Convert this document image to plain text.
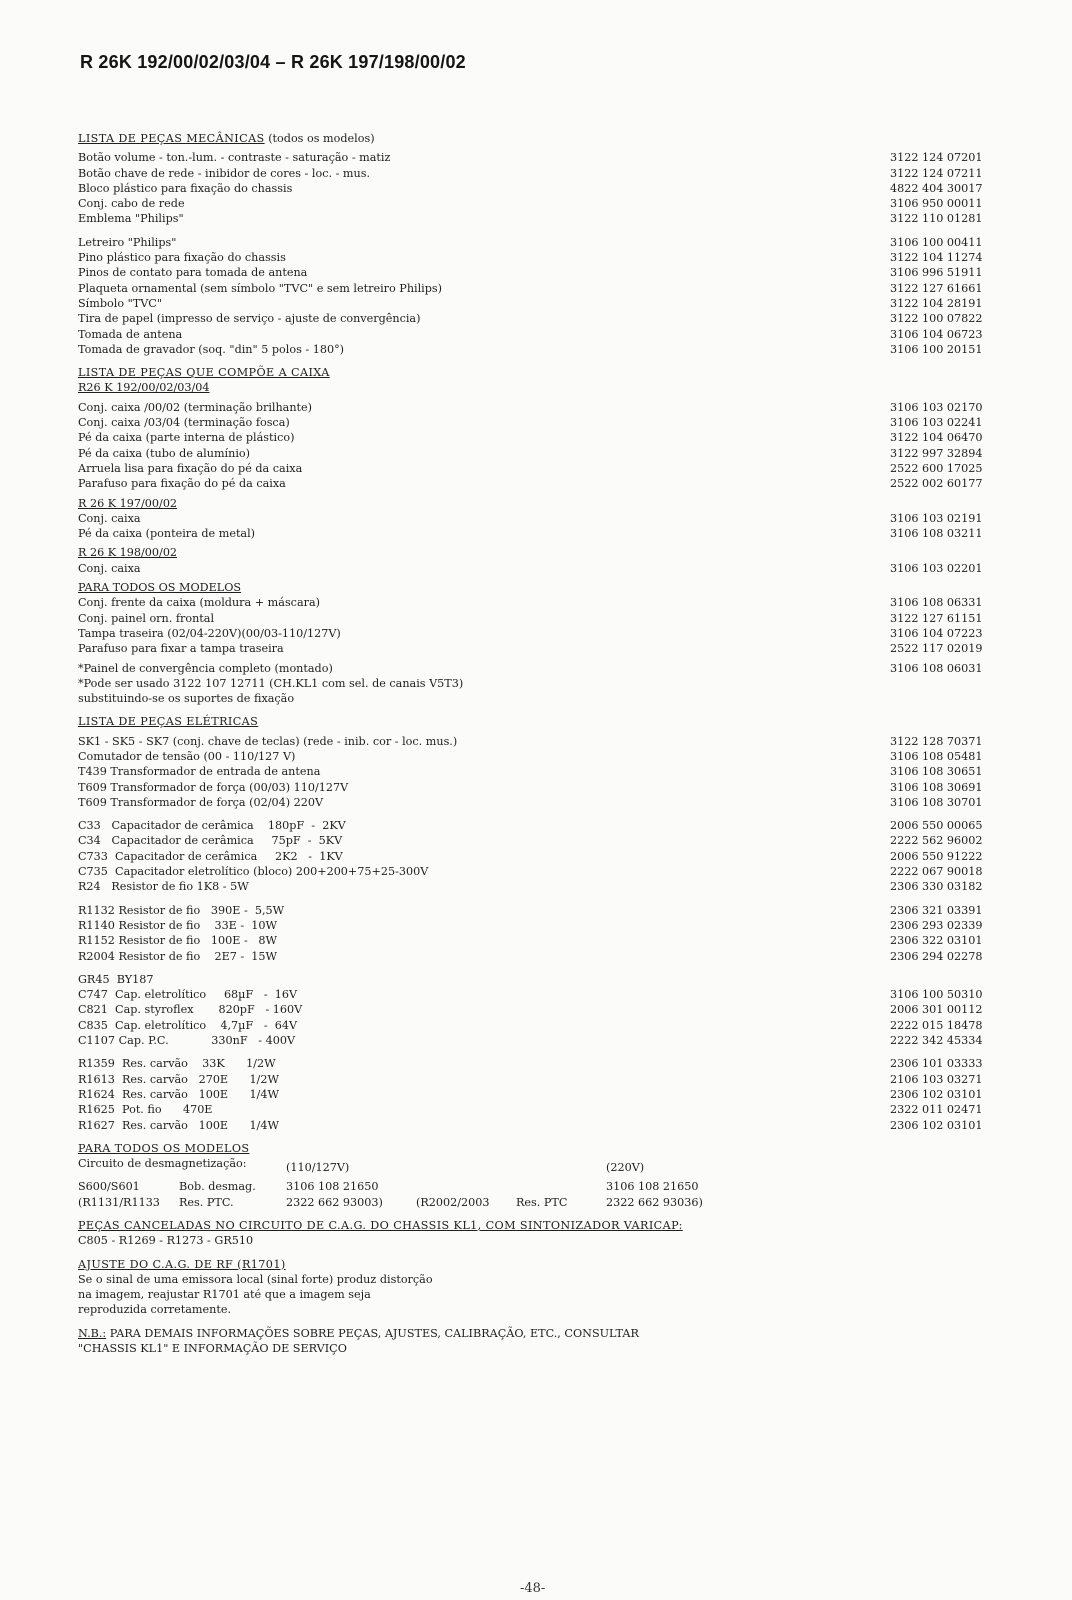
R 26K 192/00/02/03/04 – R 26K 197/198/00/02
LISTA DE PEÇAS MECÂNICAS (todos os modelos)
Botão volume - ton.-lum. - contraste - saturação - matiz	3122 124 07201
Botão chave de rede - inibidor de cores - loc. - mus.	3122 124 07211
Bloco plástico para fixação do chassis	4822 404 30017
Conj. cabo de rede	3106 950 00011
Emblema "Philips"	3122 110 01281
Letreiro "Philips"	3106 100 00411
Pino plástico para fixação do chassis	3122 104 11274
Pinos de contato para tomada de antena	3106 996 51911
Plaqueta ornamental (sem símbolo "TVC" e sem letreiro Philips)	3122 127 61661
Símbolo "TVC"	3122 104 28191
Tira de papel (impresso de serviço - ajuste de convergência)	3122 100 07822
Tomada de antena	3106 104 06723
Tomada de gravador (soq. "din" 5 polos - 180°)	3106 100 20151
LISTA DE PEÇAS QUE COMPÕE A CAIXA
R26 K 192/00/02/03/04
Conj. caixa /00/02 (terminação brilhante)	3106 103 02170
Conj. caixa /03/04 (terminação fosca)	3106 103 02241
Pé da caixa (parte interna de plástico)	3122 104 06470
Pé da caixa (tubo de alumínio)	3122 997 32894
Arruela lisa para fixação do pé da caixa	2522 600 17025
Parafuso para fixação do pé da caixa	2522 002 60177
R 26 K 197/00/02
Conj. caixa	3106 103 02191
Pé da caixa (ponteira de metal)	3106 108 03211
R 26 K 198/00/02
Conj. caixa	3106 103 02201
PARA TODOS OS MODELOS
Conj. frente da caixa (moldura + máscara)	3106 108 06331
Conj. painel orn. frontal	3122 127 61151
Tampa traseira (02/04-220V)(00/03-110/127V)	3106 104 07223
Parafuso para fixar a tampa traseira	2522 117 02019
*Painel de convergência completo (montado)	3106 108 06031
*Pode ser usado 3122 107 12711 (CH.KL1 com sel. de canais V5T3)
substituindo-se os suportes de fixação
LISTA DE PEÇAS ELÉTRICAS
SK1 - SK5 - SK7 (conj. chave de teclas) (rede - inib. cor - loc. mus.)	3122 128 70371
Comutador de tensão (00 - 110/127 V)	3106 108 05481
T439 Transformador de entrada de antena	3106 108 30651
T609 Transformador de força (00/03) 110/127V	3106 108 30691
T609 Transformador de força (02/04) 220V	3106 108 30701
C33   Capacitador de cerâmica    180pF  -  2KV	2006 550 00065
C34   Capacitador de cerâmica     75pF  -  5KV	2222 562 96002
C733  Capacitador de cerâmica     2K2   -  1KV	2006 550 91222
C735  Capacitador eletrolítico (bloco) 200+200+75+25-300V	2222 067 90018
R24   Resistor de fio 1K8 - 5W	2306 330 03182
R1132 Resistor de fio   390E -  5,5W	2306 321 03391
R1140 Resistor de fio    33E -  10W	2306 293 02339
R1152 Resistor de fio   100E -   8W	2306 322 03101
R2004 Resistor de fio    2E7 -  15W	2306 294 02278
GR45  BY187
C747  Cap. eletrolítico     68µF   -  16V	3106 100 50310
C821  Cap. styroflex       820pF   - 160V	2006 301 00112
C835  Cap. eletrolítico    4,7µF   -  64V	2222 015 18478
C1107 Cap. P.C.            330nF   - 400V	2222 342 45334
R1359  Res. carvão    33K      1/2W	2306 101 03333
R1613  Res. carvão   270E      1/2W	2106 103 03271
R1624  Res. carvão   100E      1/4W	2306 102 03101
R1625  Pot. fio      470E	2322 011 02471
R1627  Res. carvão   100E      1/4W	2306 102 03101
PARA TODOS OS MODELOS
Circuito de desmagnetização:	(110/127V)	(220V)
S600/S601	Bob. desmag.	3106 108 21650	3106 108 21650
(R1131/R1133	Res. PTC.	2322 662 93003)	(R2002/2003	Res. PTC	2322 662 93036)
PEÇAS CANCELADAS NO CIRCUITO DE C.A.G. DO CHASSIS KL1, COM SINTONIZADOR VARICAP:
C805 - R1269 - R1273 - GR510
AJUSTE DO C.A.G. DE RF (R1701)
Se o sinal de uma emissora local (sinal forte) produz distorção
na imagem, reajustar R1701 até que a imagem seja
reproduzida corretamente.
N.B.: PARA DEMAIS INFORMAÇÕES SOBRE PEÇAS, AJUSTES, CALIBRAÇÃO, ETC., CONSULTAR
"CHASSIS KL1" E INFORMAÇÃO DE SERVIÇO
-48-
